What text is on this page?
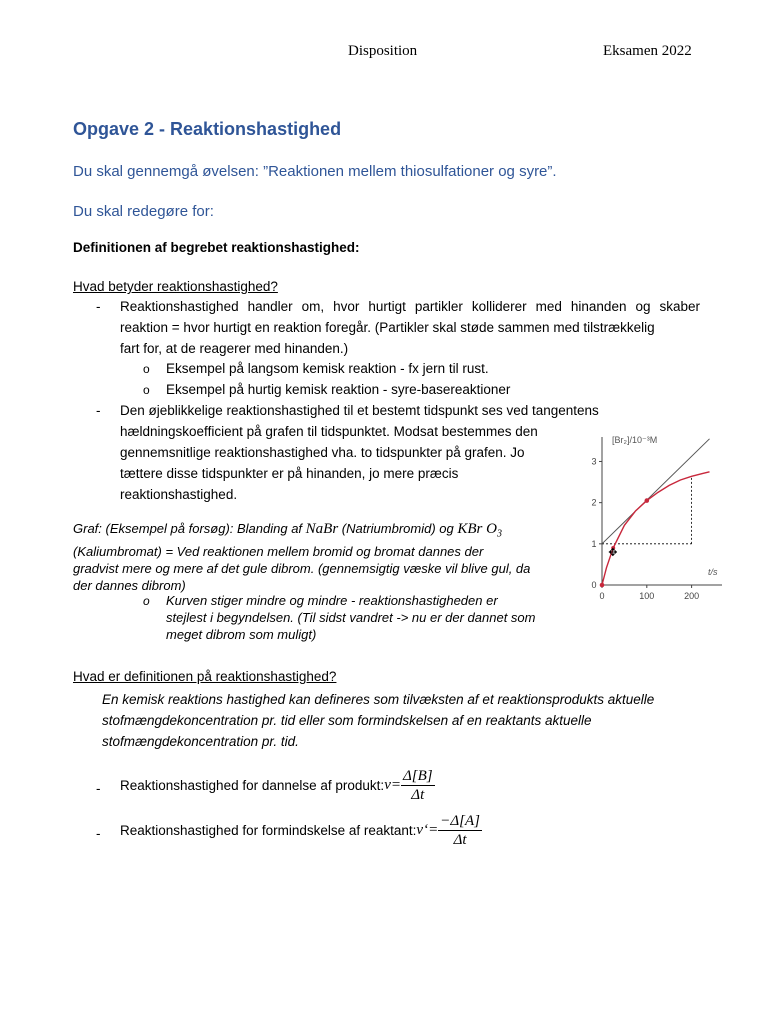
Disposition	Eksamen 2022
Opgave 2 - Reaktionshastighed
Du skal gennemgå øvelsen: ”Reaktionen mellem thiosulfationer og syre”.
Du skal redegøre for:
Definitionen af begrebet reaktionshastighed:
Hvad betyder reaktionshastighed?
- Reaktionshastighed handler om, hvor hurtigt partikler kolliderer med hinanden og skaber
reaktion = hvor hurtigt en reaktion foregår. (Partikler skal støde sammen med tilstrækkelig
fart for, at de reagerer med hinanden.)
o Eksempel på langsom kemisk reaktion - fx jern til rust.
o Eksempel på hurtig kemisk reaktion - syre-basereaktioner
- Den øjeblikkelige reaktionshastighed til et bestemt tidspunkt ses ved tangentens
hældningskoefficient på grafen til tidspunktet. Modsat bestemmes den
gennemsnitlige reaktionshastighed vha. to tidspunkter på grafen. Jo
tættere disse tidspunkter er på hinanden, jo mere præcis
reaktionshastighed.
Graf: (Eksempel på forsøg): Blanding af NaBr (Natriumbromid) og KBr $O_3$
(Kaliumbromat) = Ved reaktionen mellem bromid og bromat dannes der
gradvist mere og mere af det gule dibrom. (gennemsigtig væske vil blive gul, da
der dannes dibrom)
o Kurven stiger mindre og mindre - reaktionshastigheden er
stejlest i begyndelsen. (Til sidst vandret -> nu er der dannet som
meget dibrom som muligt)
[Br₂]/10⁻³M
t/s
0	100	200
0
1
2
3
✥
Hvad er definitionen på reaktionshastighed?
En kemisk reaktions hastighed kan defineres som tilvæksten af et reaktionsprodukts aktuelle
stofmængdekoncentration pr. tid eller som formindskelsen af en reaktants aktuelle
stofmængdekoncentration pr. tid.
- Reaktionshastighed for dannelse af produkt: $v= \frac{\Delta[B]}{\Delta t}$
- Reaktionshastighed for formindskelse af reaktant: v‘= $\frac{-\Delta[A]}{\Delta t}$
